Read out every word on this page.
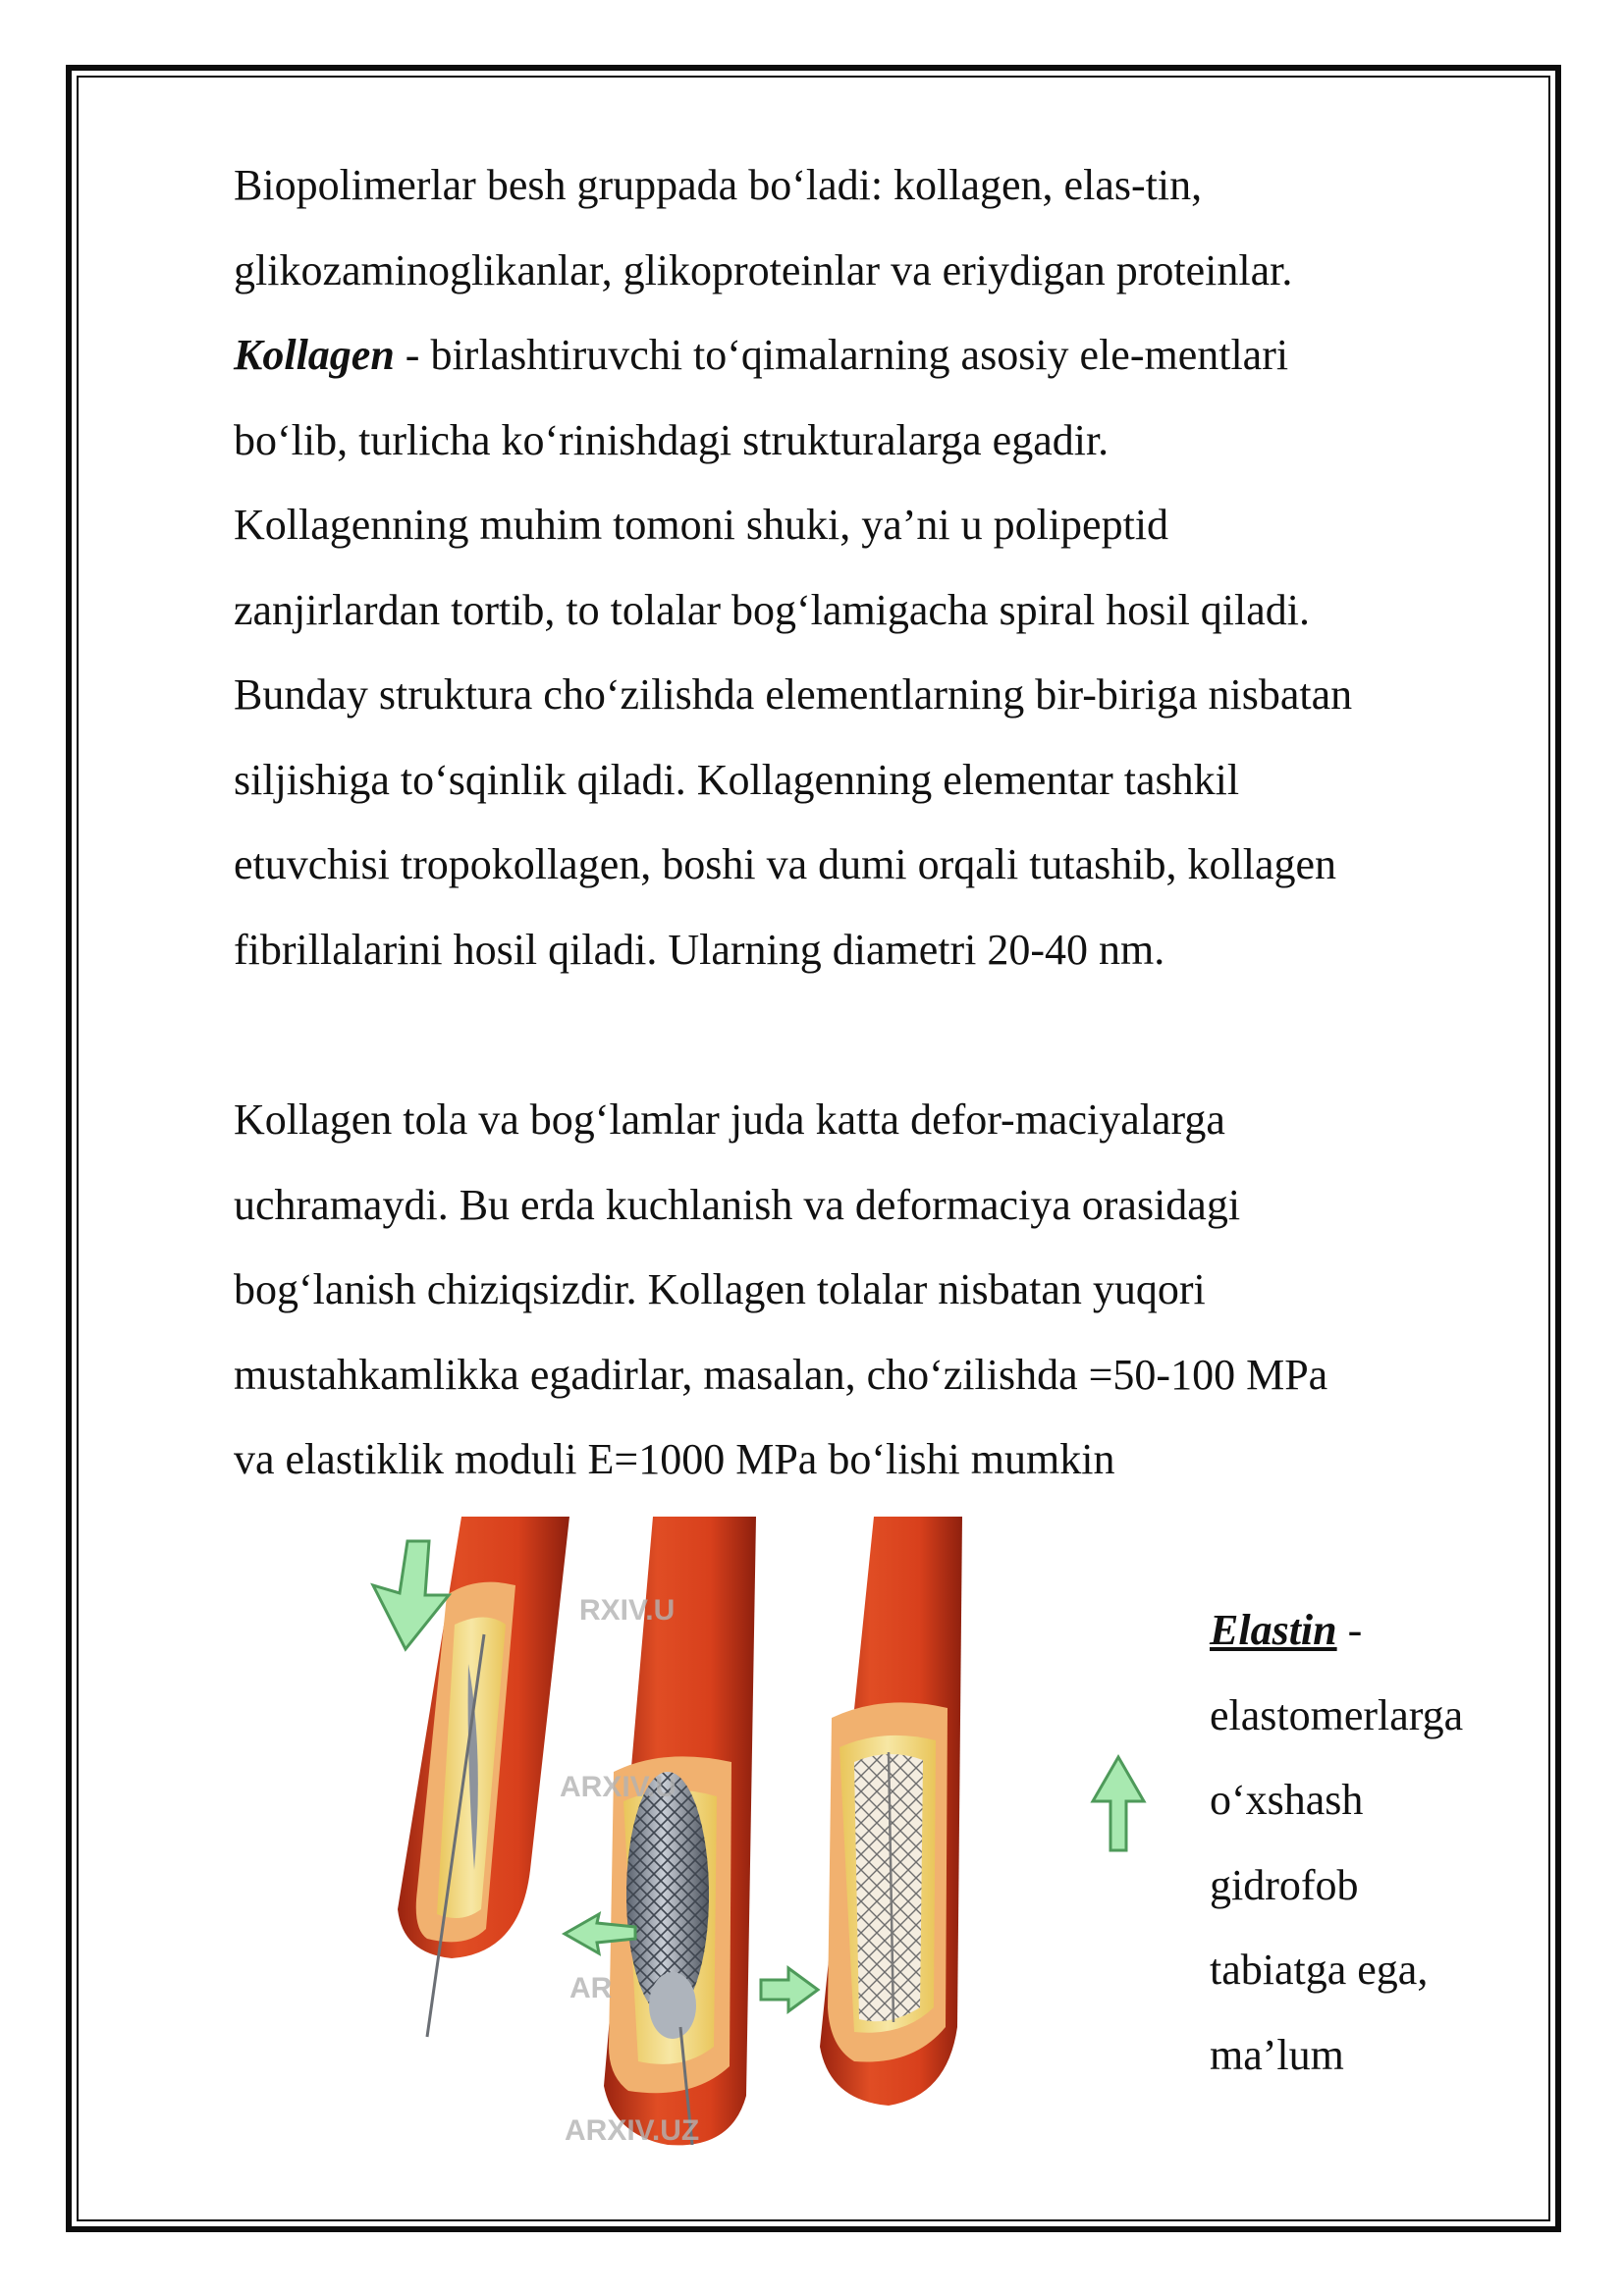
Biopolimerlar besh gruppada bo‘ladi: kollagen, elas-tin,
glikozaminoglikanlar, glikoproteinlar va eriydigan proteinlar.
Kollagen - birlashtiruvchi to‘qimalarning asosiy ele-mentlari
bo‘lib, turlicha ko‘rinishdagi strukturalarga egadir.
Kollagenning muhim tomoni shuki, ya’ni u polipeptid
zanjirlardan tortib, to tolalar bog‘lamigacha spiral hosil qiladi.
Bunday struktura cho‘zilishda elementlarning bir-biriga nisbatan
siljishiga to‘sqinlik qiladi. Kollagenning elementar tashkil
etuvchisi tropokollagen, boshi va dumi orqali tutashib, kollagen
fibrillalarini hosil qiladi. Ularning diametri 20-40 nm.
Kollagen tola va bog‘lamlar juda katta defor-maciyalarga
uchramaydi. Bu erda kuchlanish va deformaciya orasidagi
bog‘lanish chiziqsizdir. Kollagen tolalar nisbatan yuqori
mustahkamlikka egadirlar, masalan, cho‘zilishda =50-100 MPa
va elastiklik moduli E=1000 MPa bo‘lishi mumkin
RXIV.U
ARXIV.U
AR
ARXIV.UZ
Elastin -
elastomerlarga
o‘xshash
gidrofob
tabiatga ega,
ma’lum
